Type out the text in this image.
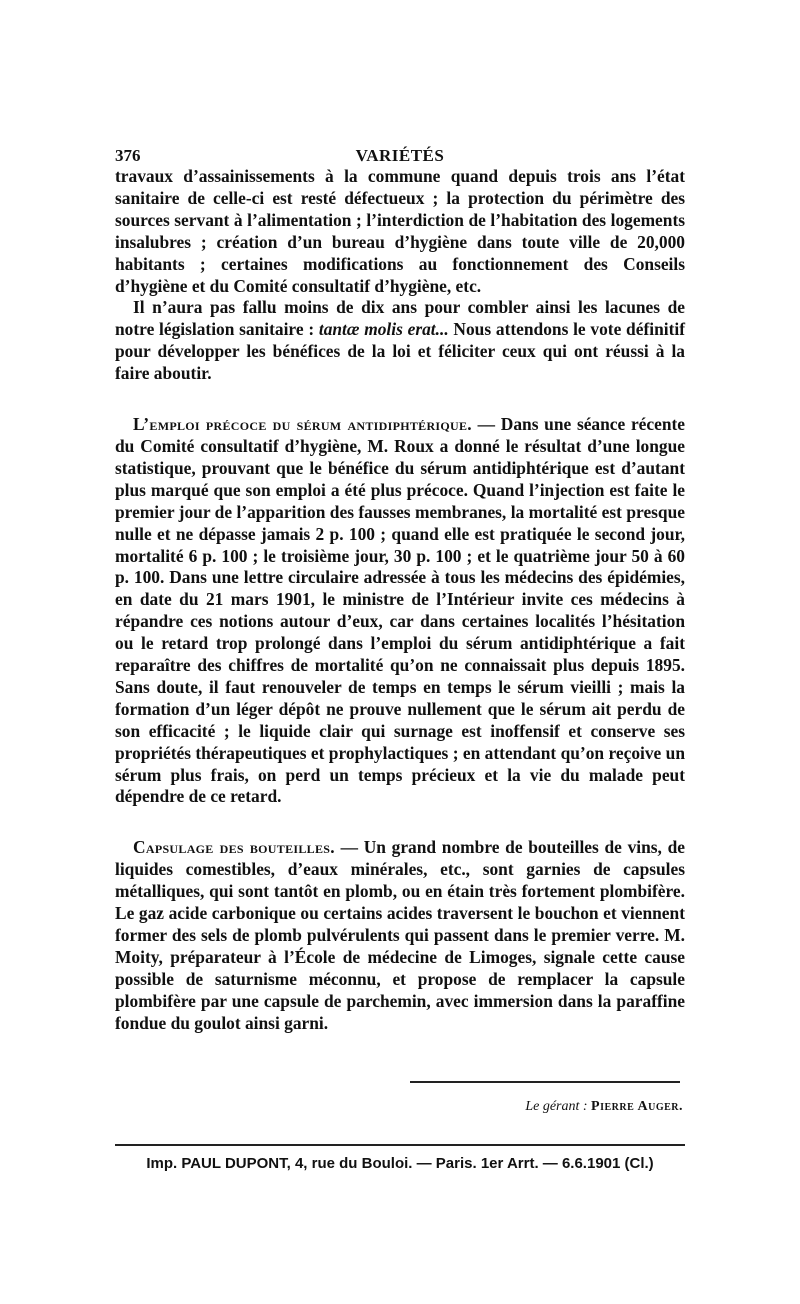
376	VARIÉTÉS

travaux d’assainissements à la commune quand depuis trois ans l’état sanitaire de celle-ci est resté défectueux ; la protection du périmètre des sources servant à l’alimentation ; l’interdiction de l’habitation des logements insalubres ; création d’un bureau d’hygiène dans toute ville de 20,000 habitants ; certaines modifications au fonctionnement des Conseils d’hygiène et du Comité consultatif d’hygiène, etc.

Il n’aura pas fallu moins de dix ans pour combler ainsi les lacunes de notre législation sanitaire : tantæ molis erat... Nous attendons le vote définitif pour développer les bénéfices de la loi et féliciter ceux qui ont réussi à la faire aboutir.

L’emploi précoce du sérum antidiphtérique. — Dans une séance récente du Comité consultatif d’hygiène, M. Roux a donné le résultat d’une longue statistique, prouvant que le bénéfice du sérum antidiphtérique est d’autant plus marqué que son emploi a été plus précoce. Quand l’injection est faite le premier jour de l’apparition des fausses membranes, la mortalité est presque nulle et ne dépasse jamais 2 p. 100 ; quand elle est pratiquée le second jour, mortalité 6 p. 100 ; le troisième jour, 30 p. 100 ; et le quatrième jour 50 à 60 p. 100. Dans une lettre circulaire adressée à tous les médecins des épidémies, en date du 21 mars 1901, le ministre de l’Intérieur invite ces médecins à répandre ces notions autour d’eux, car dans certaines localités l’hésitation ou le retard trop prolongé dans l’emploi du sérum antidiphtérique a fait reparaître des chiffres de mortalité qu’on ne connaissait plus depuis 1895. Sans doute, il faut renouveler de temps en temps le sérum vieilli ; mais la formation d’un léger dépôt ne prouve nullement que le sérum ait perdu de son efficacité ; le liquide clair qui surnage est inoffensif et conserve ses propriétés thérapeutiques et prophylactiques ; en attendant qu’on reçoive un sérum plus frais, on perd un temps précieux et la vie du malade peut dépendre de ce retard.

Capsulage des bouteilles. — Un grand nombre de bouteilles de vins, de liquides comestibles, d’eaux minérales, etc., sont garnies de capsules métalliques, qui sont tantôt en plomb, ou en étain très fortement plombifère. Le gaz acide carbonique ou certains acides traversent le bouchon et viennent former des sels de plomb pulvérulents qui passent dans le premier verre. M. Moity, préparateur à l’École de médecine de Limoges, signale cette cause possible de saturnisme méconnu, et propose de remplacer la capsule plombifère par une capsule de parchemin, avec immersion dans la paraffine fondue du goulot ainsi garni.

Le gérant : Pierre Auger.
Imp. PAUL DUPONT, 4, rue du Bouloi. — Paris. 1er Arrt. — 6.6.1901 (Cl.)
